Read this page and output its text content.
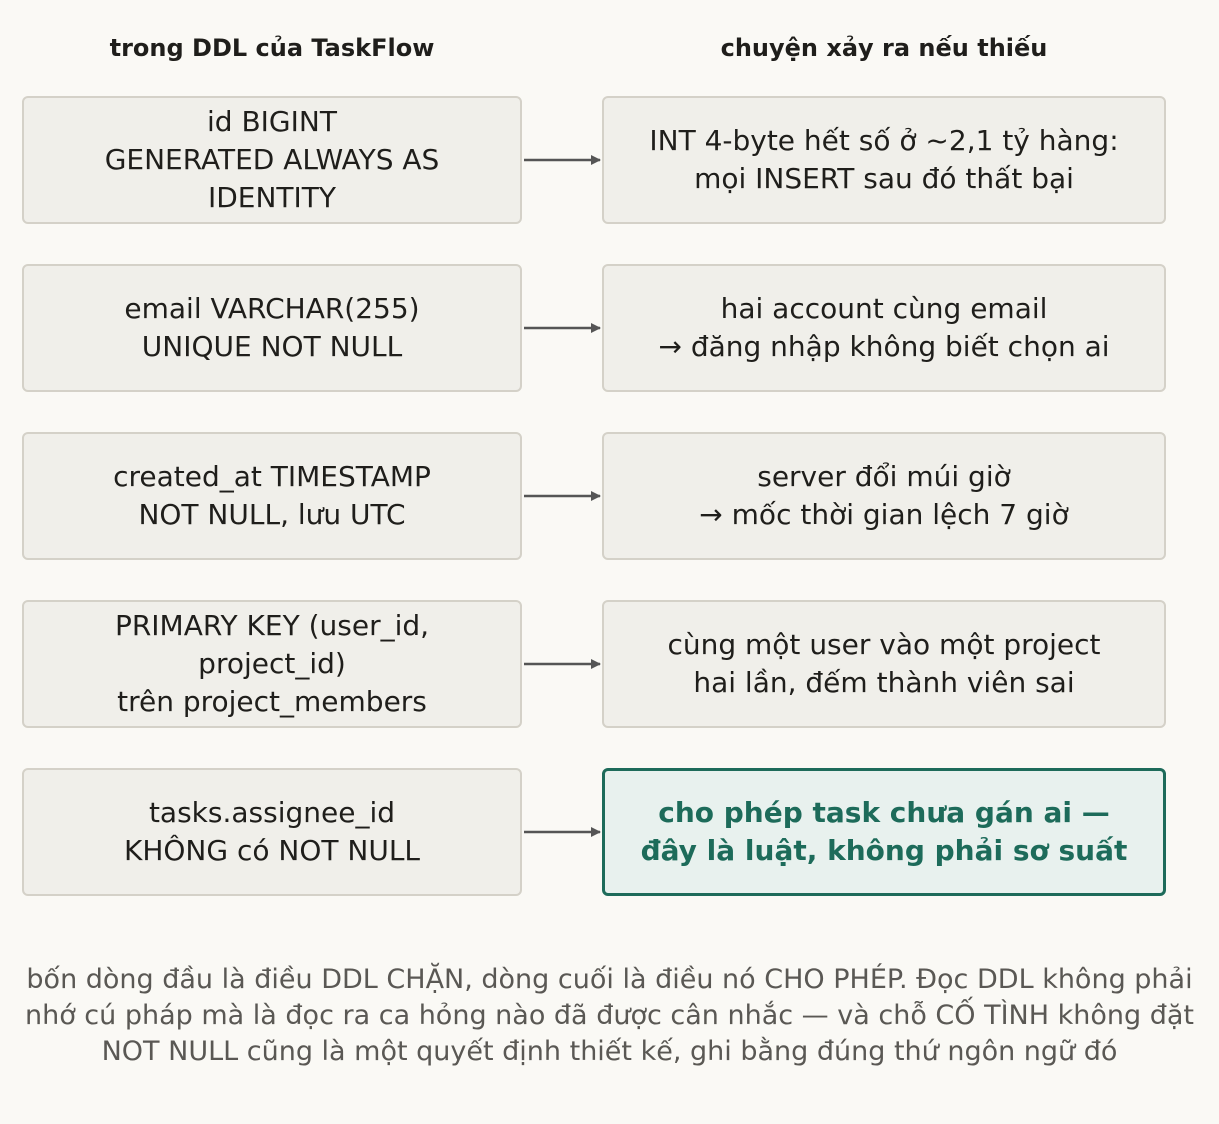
trong DDL của TaskFlow	chuyện xảy ra nếu thiếu
id BIGINT
GENERATED ALWAYS AS
IDENTITY
INT 4-byte hết số ở ~2,1 tỷ hàng:
mọi INSERT sau đó thất bại
email VARCHAR(255)
UNIQUE NOT NULL
hai account cùng email
→ đăng nhập không biết chọn ai
created_at TIMESTAMP
NOT NULL, lưu UTC
server đổi múi giờ
→ mốc thời gian lệch 7 giờ
PRIMARY KEY (user_id,
project_id)
trên project_members
cùng một user vào một project
hai lần, đếm thành viên sai
tasks.assignee_id
KHÔNG có NOT NULL
cho phép task chưa gán ai —
đây là luật, không phải sơ suất
bốn dòng đầu là điều DDL CHẶN, dòng cuối là điều nó CHO PHÉP. Đọc DDL không phải nhớ cú pháp mà là đọc ra ca hỏng nào đã được cân nhắc — và chỗ CỐ TÌNH không đặt NOT NULL cũng là một quyết định thiết kế, ghi bằng đúng thứ ngôn ngữ đó
